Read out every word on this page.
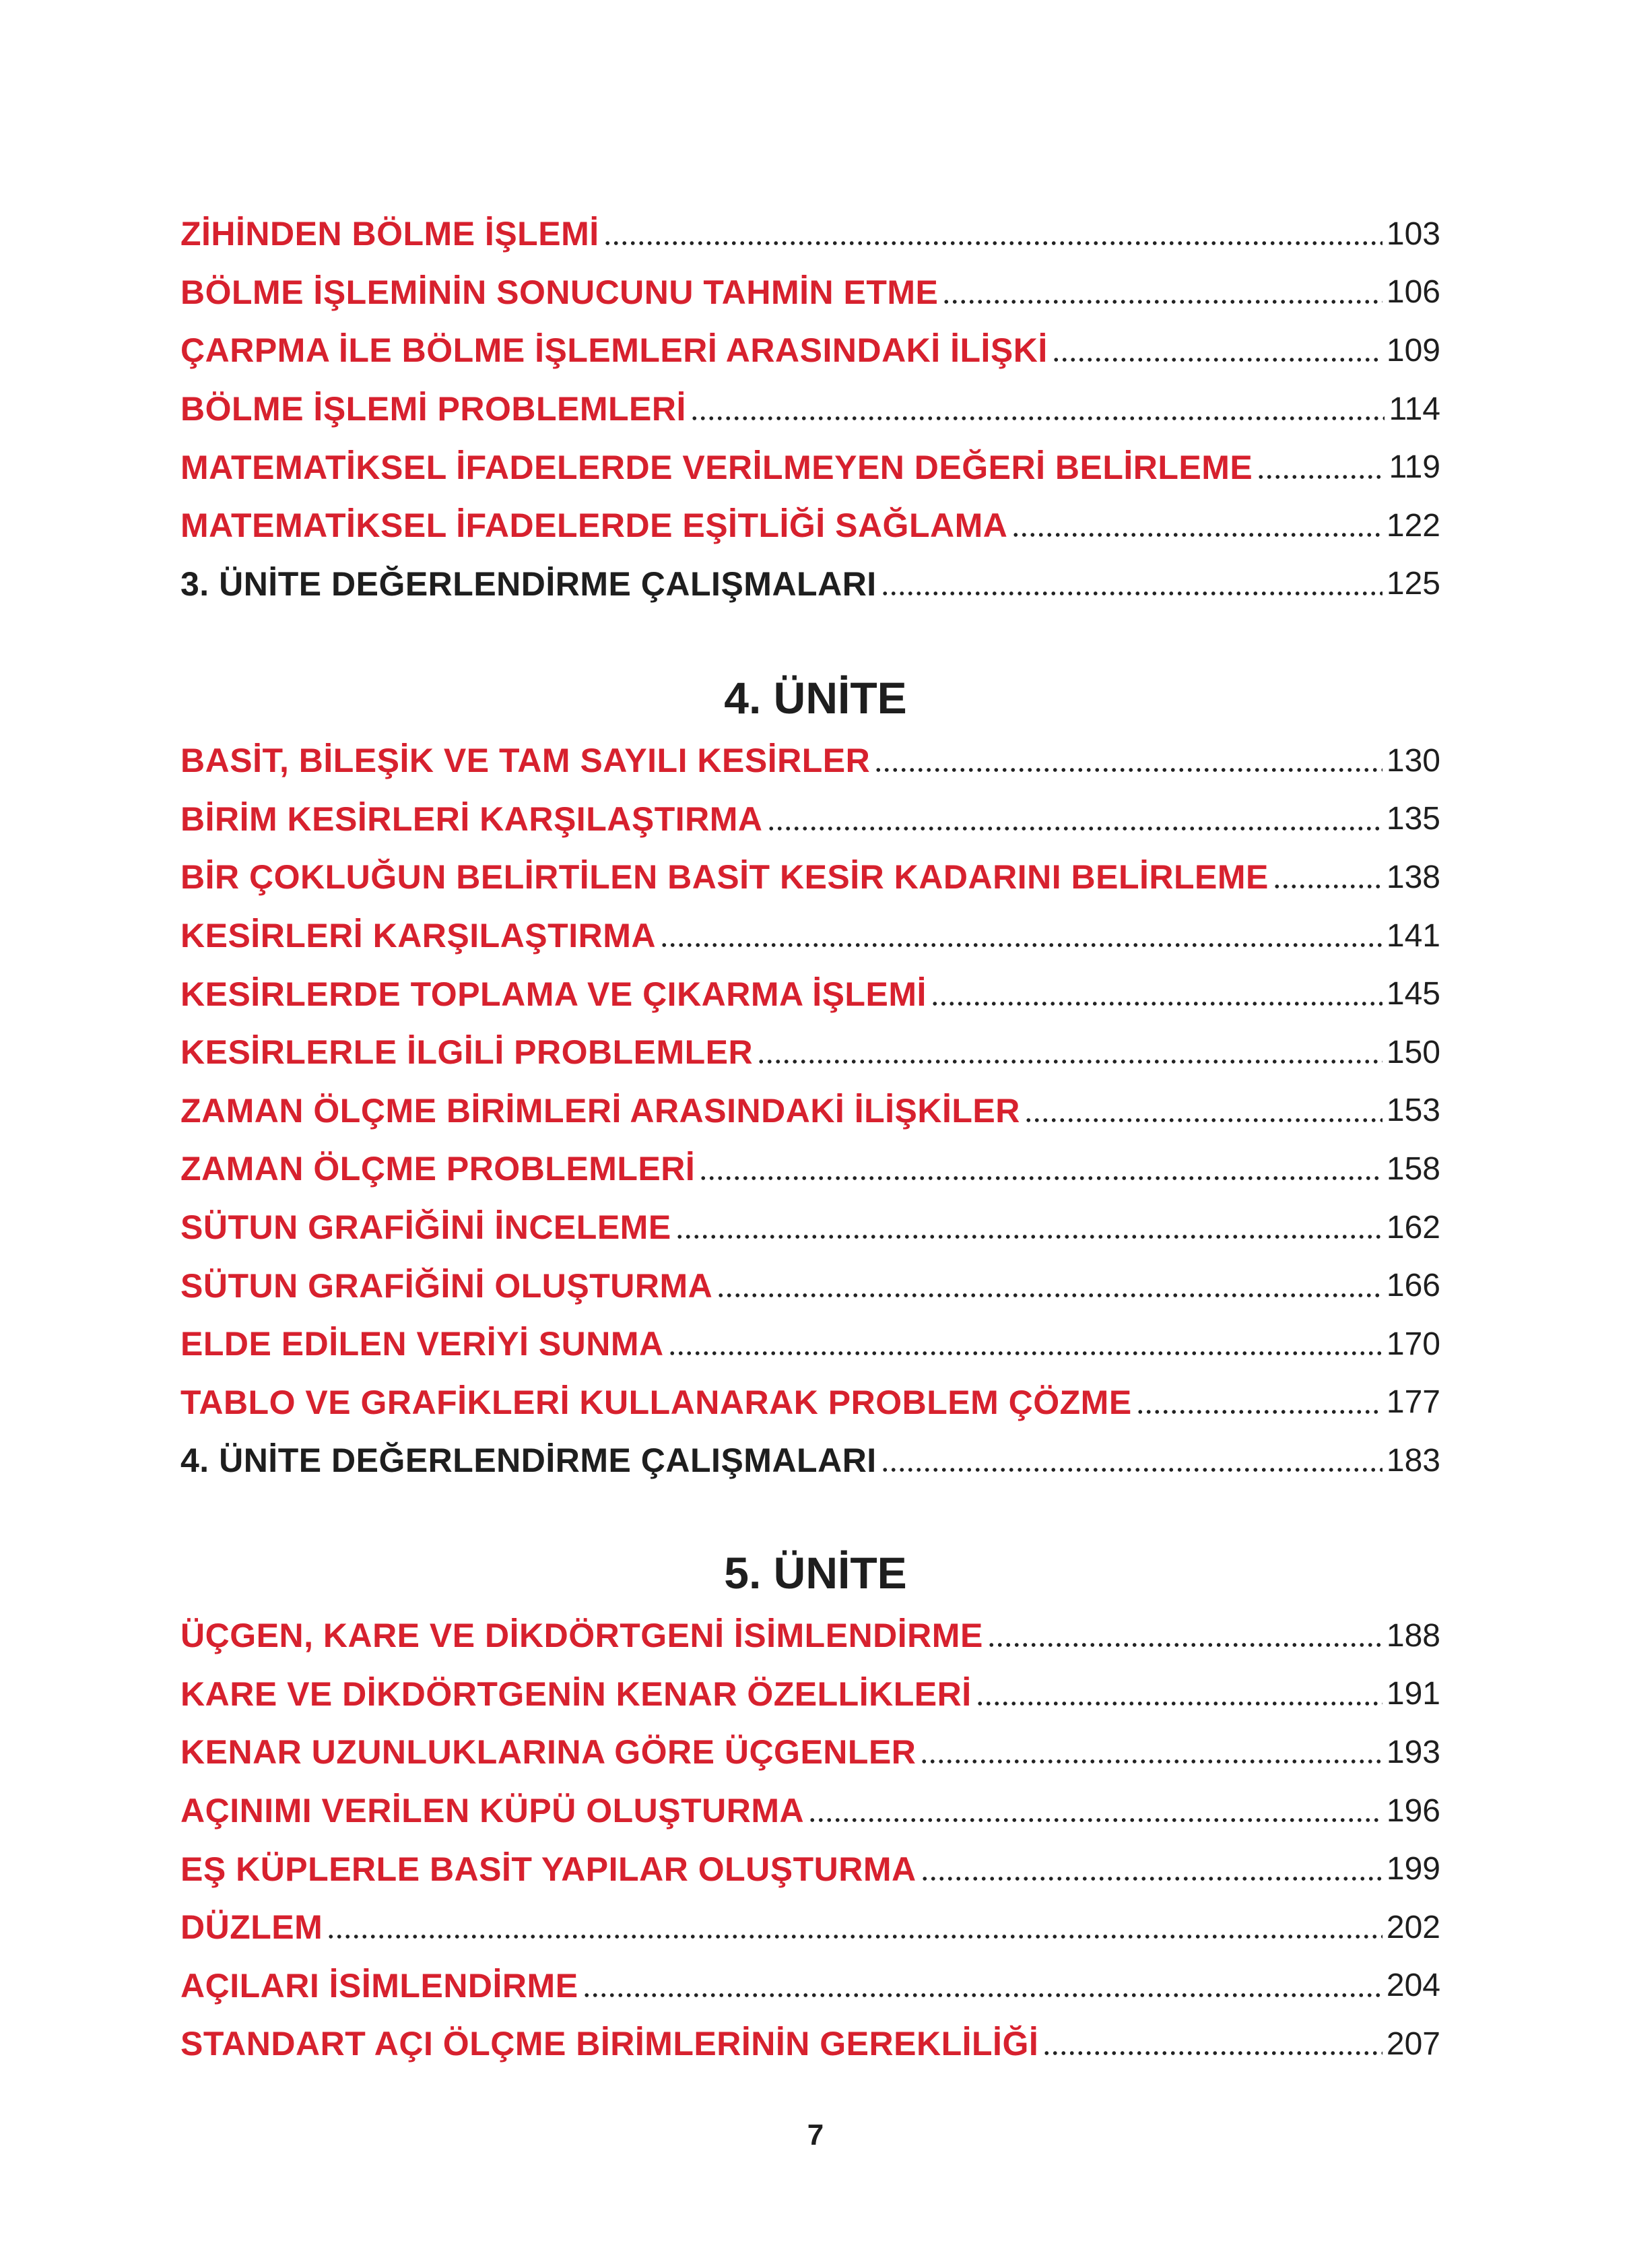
ZİHİNDEN BÖLME İŞLEMİ	103
BÖLME İŞLEMİNİN SONUCUNU TAHMİN ETME	106
ÇARPMA İLE BÖLME İŞLEMLERİ ARASINDAKİ İLİŞKİ	109
BÖLME İŞLEMİ PROBLEMLERİ	114
MATEMATİKSEL İFADELERDE VERİLMEYEN DEĞERİ BELİRLEME	119
MATEMATİKSEL İFADELERDE EŞİTLİĞİ SAĞLAMA	122
3. ÜNİTE DEĞERLENDİRME ÇALIŞMALARI	125
4. ÜNİTE
BASİT, BİLEŞİK VE TAM SAYILI KESİRLER	130
BİRİM KESİRLERİ KARŞILAŞTIRMA	135
BİR ÇOKLUĞUN BELİRTİLEN BASİT KESİR KADARINI BELİRLEME	138
KESİRLERİ KARŞILAŞTIRMA	141
KESİRLERDE TOPLAMA VE ÇIKARMA İŞLEMİ	145
KESİRLERLE İLGİLİ PROBLEMLER	150
ZAMAN ÖLÇME BİRİMLERİ ARASINDAKİ İLİŞKİLER	153
ZAMAN ÖLÇME PROBLEMLERİ	158
SÜTUN GRAFİĞİNİ İNCELEME	162
SÜTUN GRAFİĞİNİ OLUŞTURMA	166
ELDE EDİLEN VERİYİ SUNMA	170
TABLO VE GRAFİKLERİ KULLANARAK PROBLEM ÇÖZME	177
4. ÜNİTE DEĞERLENDİRME ÇALIŞMALARI	183
5. ÜNİTE
ÜÇGEN, KARE VE DİKDÖRTGENİ İSİMLENDİRME	188
KARE VE DİKDÖRTGENİN KENAR ÖZELLİKLERİ	191
KENAR UZUNLUKLARINA GÖRE ÜÇGENLER	193
AÇINIMI VERİLEN KÜPÜ OLUŞTURMA	196
EŞ KÜPLERLE BASİT YAPILAR OLUŞTURMA	199
DÜZLEM	202
AÇILARI İSİMLENDİRME	204
STANDART AÇI ÖLÇME BİRİMLERİNİN GEREKLİLİĞİ	207
7
